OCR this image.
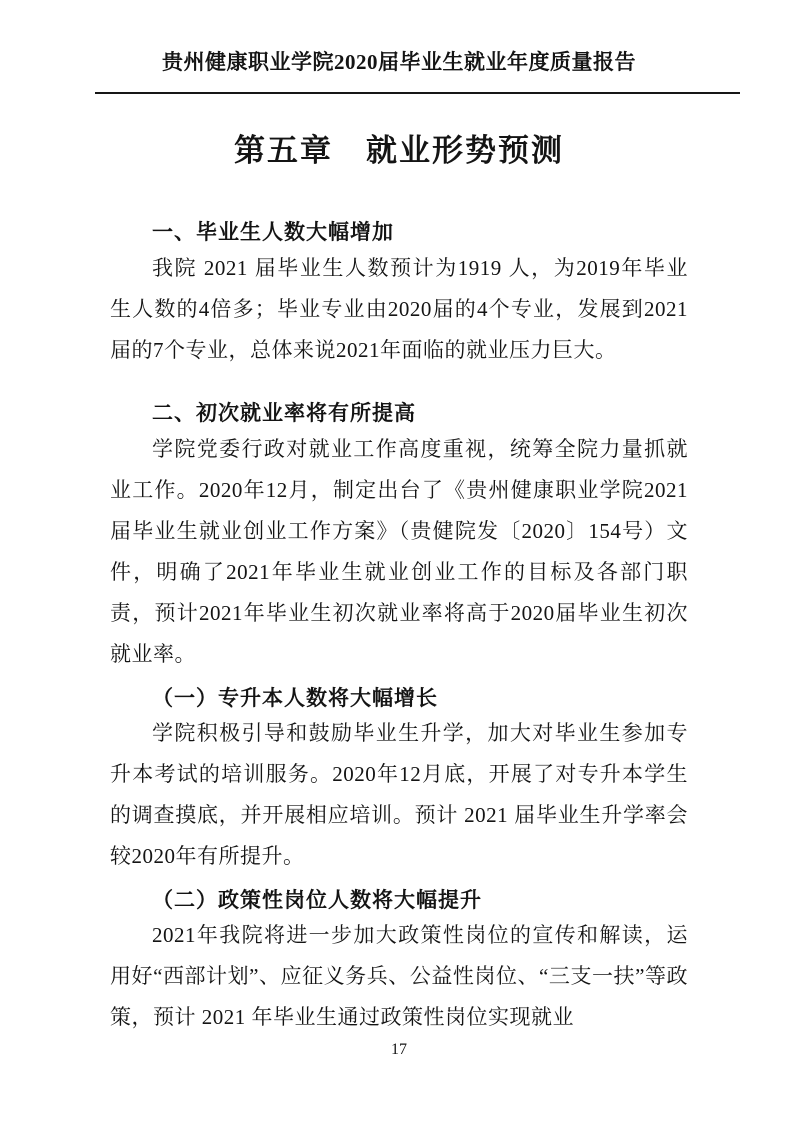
贵州健康职业学院2020届毕业生就业年度质量报告
第五章　就业形势预测
一、毕业生人数大幅增加

我院 2021 届毕业生人数预计为1919 人，为2019年毕业生人数的4倍多；毕业专业由2020届的4个专业，发展到2021届的7个专业，总体来说2021年面临的就业压力巨大。

二、初次就业率将有所提高

学院党委行政对就业工作高度重视，统筹全院力量抓就业工作。2020年12月，制定出台了《贵州健康职业学院2021届毕业生就业创业工作方案》（贵健院发〔2020〕154号）文件，明确了2021年毕业生就业创业工作的目标及各部门职责，预计2021年毕业生初次就业率将高于2020届毕业生初次就业率。

（一）专升本人数将大幅增长

学院积极引导和鼓励毕业生升学，加大对毕业生参加专升本考试的培训服务。2020年12月底，开展了对专升本学生的调查摸底，并开展相应培训。预计 2021 届毕业生升学率会较2020年有所提升。

（二）政策性岗位人数将大幅提升

2021年我院将进一步加大政策性岗位的宣传和解读，运用好“西部计划”、应征义务兵、公益性岗位、“三支一扶”等政策，预计 2021 年毕业生通过政策性岗位实现就业

17
